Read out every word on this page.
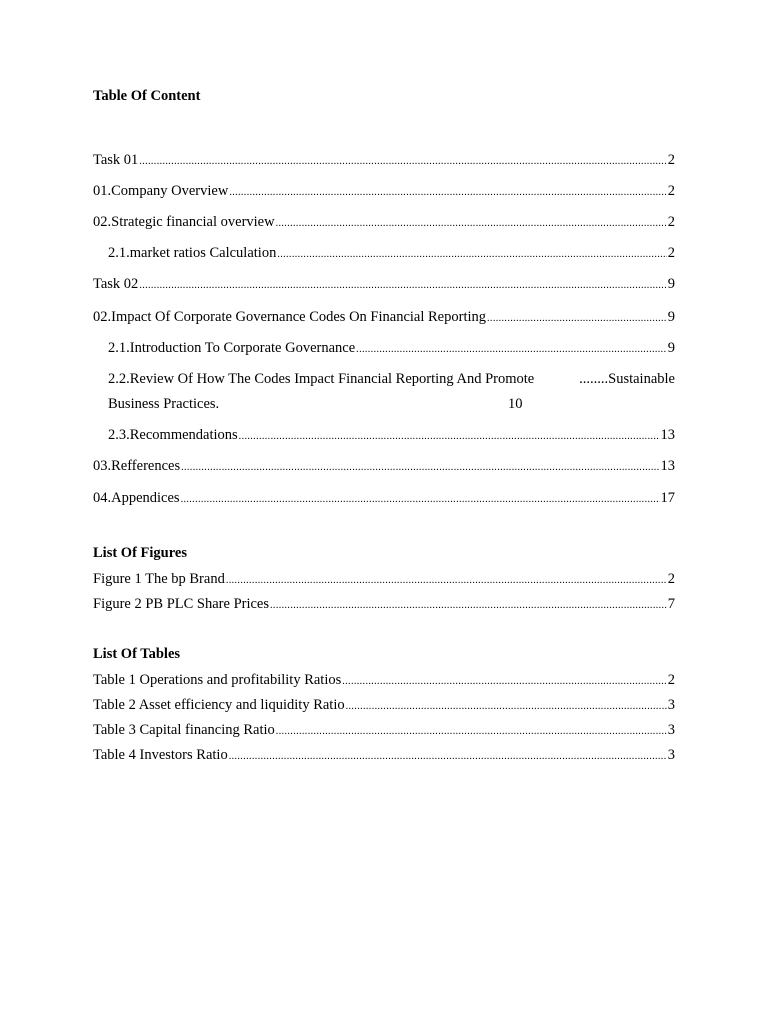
Table Of Content
Task 01 .....	2
01.Company Overview .....	2
02.Strategic financial overview .....	2
2.1.market ratios Calculation .....	2
Task 02 .....	9
02.Impact Of Corporate Governance Codes On Financial Reporting .....	9
2.1.Introduction To Corporate Governance .....	9
2.2.Review Of How The Codes Impact Financial Reporting And Promote	........Sustainable
Business Practices.	10
2.3.Recommendations .....	13
03.Refferences .....	13
04.Appendices .....	17
List Of Figures
Figure 1 The bp Brand .....	2
Figure 2 PB PLC Share Prices .....	7
List Of Tables
Table 1 Operations and profitability Ratios .....	2
Table 2 Asset efficiency and liquidity Ratio .....	3
Table 3 Capital financing Ratio .....	3
Table 4 Investors Ratio .....	3
